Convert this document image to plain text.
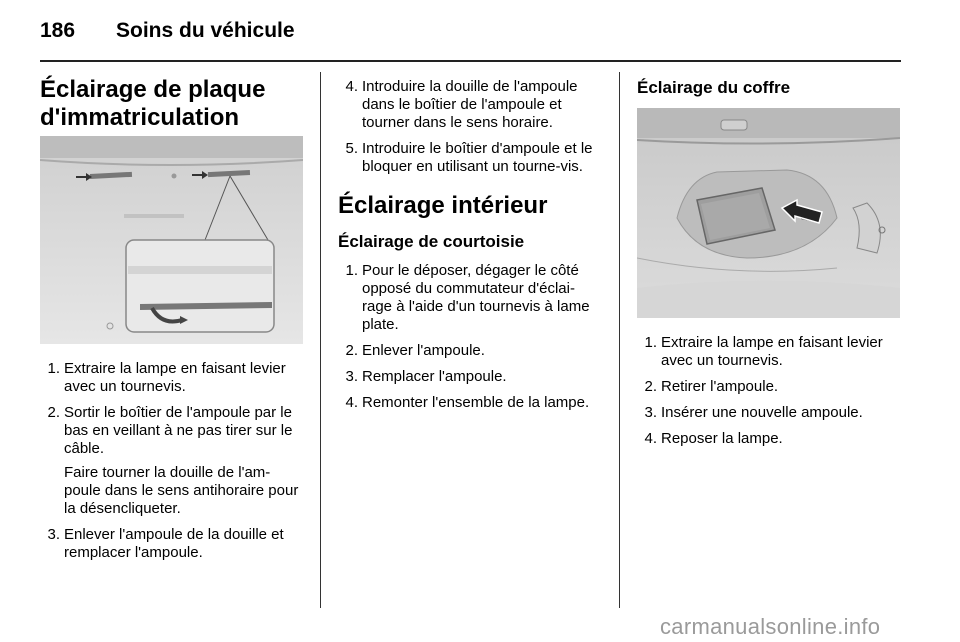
186 Soins du véhicule
Éclairage de plaque d'immatriculation
1. Extraire la lampe en faisant levier avec un tournevis.
2. Sortir le boîtier de l'ampoule par le bas en veillant à ne pas tirer sur le câble.
Faire tourner la douille de l'am-poule dans le sens antihoraire pour la désencliqueter.
3. Enlever l'ampoule de la douille et remplacer l'ampoule.
4. Introduire la douille de l'ampoule dans le boîtier de l'ampoule et tourner dans le sens horaire.
5. Introduire le boîtier d'ampoule et le bloquer en utilisant un tourne-vis.
Éclairage intérieur
Éclairage de courtoisie
1. Pour le déposer, dégager le côté opposé du commutateur d'éclai-rage à l'aide d'un tournevis à lame plate.
2. Enlever l'ampoule.
3. Remplacer l'ampoule.
4. Remonter l'ensemble de la lampe.
Éclairage du coffre
1. Extraire la lampe en faisant levier avec un tournevis.
2. Retirer l'ampoule.
3. Insérer une nouvelle ampoule.
4. Reposer la lampe.
carmanualsonline.info
